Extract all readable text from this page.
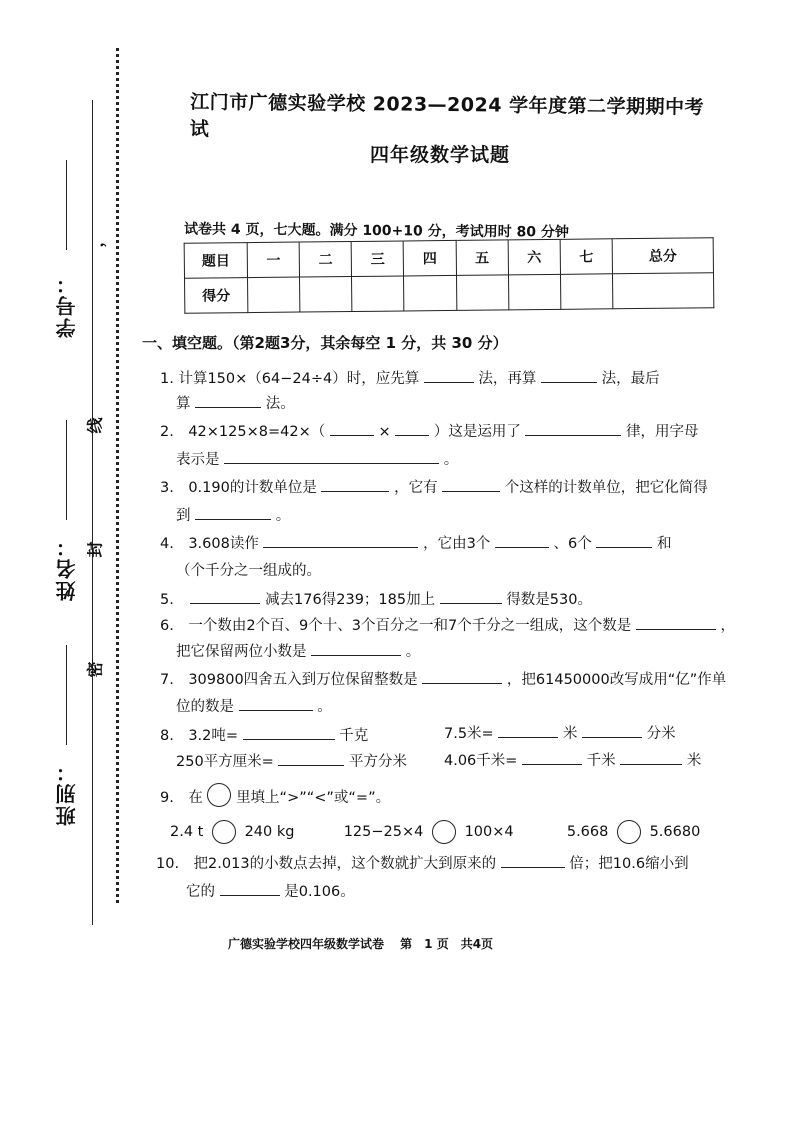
学号：
，
姓名：
线
封
密
班别：
江门市广德实验学校 2023—2024 学年度第二学期期中考试
四年级数学试题
试卷共 4 页，七大题。满分 100+10 分，考试用时 80 分钟
题目	一	二	三	四	五	六	七	总分
得分								
一、填空题。（第2题3分，其余每空 1 分，共 30 分）
1. 计算150×（64−24÷4）时，应先算	法，再算	法，最后
算	法。
2.　42×125×8=42×（	×	）这是运用了	律，用字母
表示是	。
3.　0.190的计数单位是	，它有	个这样的计数单位，把它化简得
到	。
4.　3.608读作	，它由3个	、6个	和
（个千分之一组成的。
5.	减去176得239；185加上	得数是530。
6.　一个数由2个百、9个十、3个百分之一和7个千分之一组成，这个数是	，
把它保留两位小数是	。
7.　309800四舍五入到万位保留整数是	，把61450000改写成用“亿”作单
位的数是	。
8.　3.2吨=	千克	7.5米=	米	分米
250平方厘米=	平方分米	4.06千米=	千米	米
9.　在 里填上“>”“<”或“=”。
2.4 t	240 kg	125−25×4	100×4	5.668	5.6680
10.　把2.013的小数点去掉，这个数就扩大到原来的	倍；把10.6缩小到
它的	是0.106。
广德实验学校四年级数学试卷　 第　1 页　共4页
